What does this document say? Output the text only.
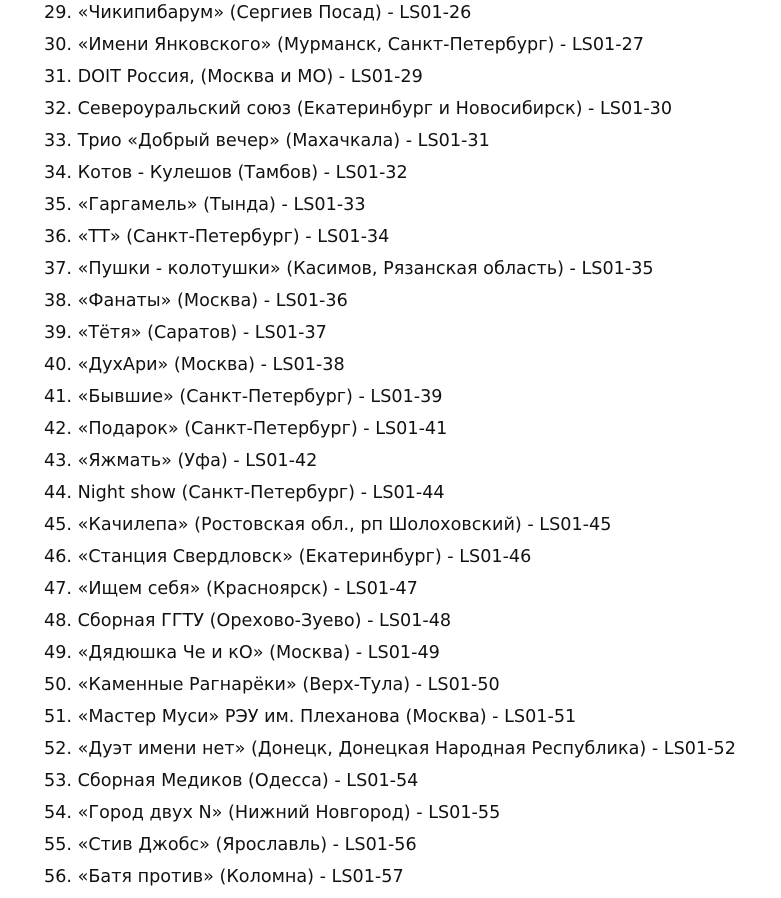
29. «Чикипибарум» (Сергиев Посад) - LS01-26
30. «Имени Янковского» (Мурманск, Санкт-Петербург) - LS01-27
31. DOIT Россия, (Москва и МО) - LS01-29
32. Североуральский союз (Екатеринбург и Новосибирск) - LS01-30
33. Трио «Добрый вечер» (Махачкала) - LS01-31
34. Котов - Кулешов (Тамбов) - LS01-32
35. «Гаргамель» (Тында) - LS01-33
36. «ТТ» (Санкт-Петербург) - LS01-34
37. «Пушки - колотушки» (Касимов, Рязанская область) - LS01-35
38. «Фанаты» (Москва) - LS01-36
39. «Тётя» (Саратов) - LS01-37
40. «ДухАри» (Москва) - LS01-38
41. «Бывшие» (Санкт-Петербург) - LS01-39
42. «Подарок» (Санкт-Петербург) - LS01-41
43. «Яжмать» (Уфа) - LS01-42
44. Night show (Санкт-Петербург) - LS01-44
45. «Качилепа» (Ростовская обл., рп Шолоховский) - LS01-45
46. «Станция Свердловск» (Екатеринбург) - LS01-46
47. «Ищем себя» (Красноярск) - LS01-47
48. Сборная ГГТУ (Орехово-Зуево) - LS01-48
49. «Дядюшка Че и кО» (Москва) - LS01-49
50. «Каменные Рагнарёки» (Верх-Тула) - LS01-50
51. «Мастер Муси» РЭУ им. Плеханова (Москва) - LS01-51
52. «Дуэт имени нет» (Донецк, Донецкая Народная Республика) - LS01-52
53. Сборная Медиков (Одесса) - LS01-54
54. «Город двух N» (Нижний Новгород) - LS01-55
55. «Стив Джобс» (Ярославль) - LS01-56
56. «Батя против» (Коломна) - LS01-57
